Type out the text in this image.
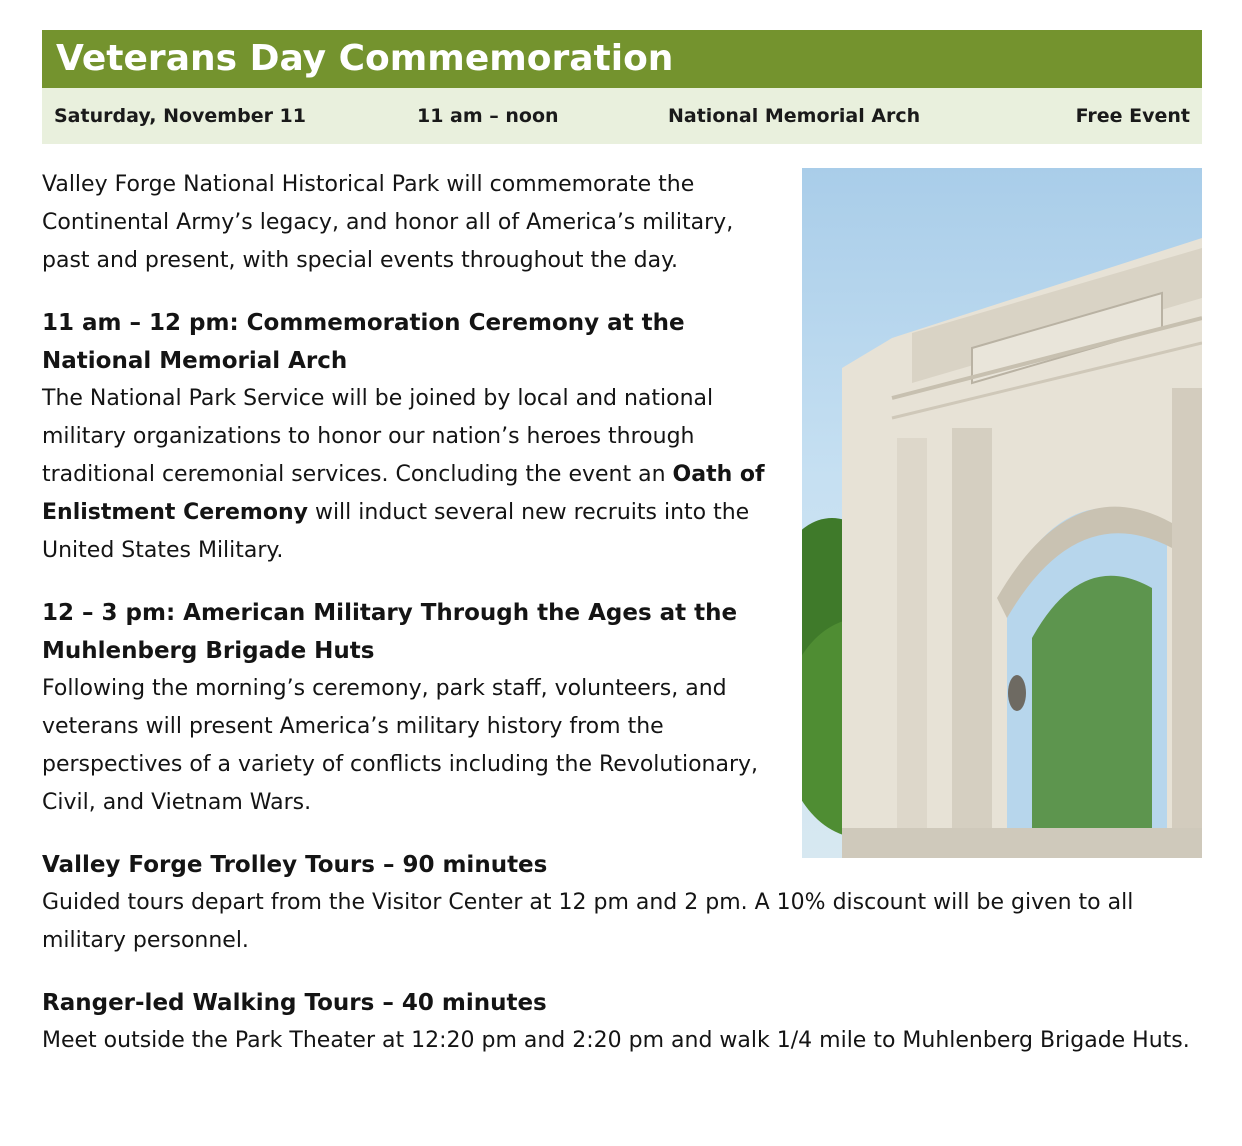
Veterans Day Commemoration
Saturday, November 11	11 am – noon	National Memorial Arch	Free Event

Valley Forge National Historical Park will commemorate the Continental Army’s legacy, and honor all of America’s military, past and present, with special events throughout the day.

11 am – 12 pm: Commemoration Ceremony at the National Memorial Arch

The National Park Service will be joined by local and national military organizations to honor our nation’s heroes through traditional ceremonial services. Concluding the event an Oath of Enlistment Ceremony will induct several new recruits into the United States Military.

12 – 3 pm: American Military Through the Ages at the Muhlenberg Brigade Huts

Following the morning’s ceremony, park staff, volunteers, and veterans will present America’s military history from the perspectives of a variety of conflicts including the Revolutionary, Civil, and Vietnam Wars.

Valley Forge Trolley Tours – 90 minutes

Guided tours depart from the Visitor Center at 12 pm and 2 pm. A 10% discount will be given to all military personnel.

Ranger-led Walking Tours – 40 minutes

Meet outside the Park Theater at 12:20 pm and 2:20 pm and walk 1/4 mile to Muhlenberg Brigade Huts.
